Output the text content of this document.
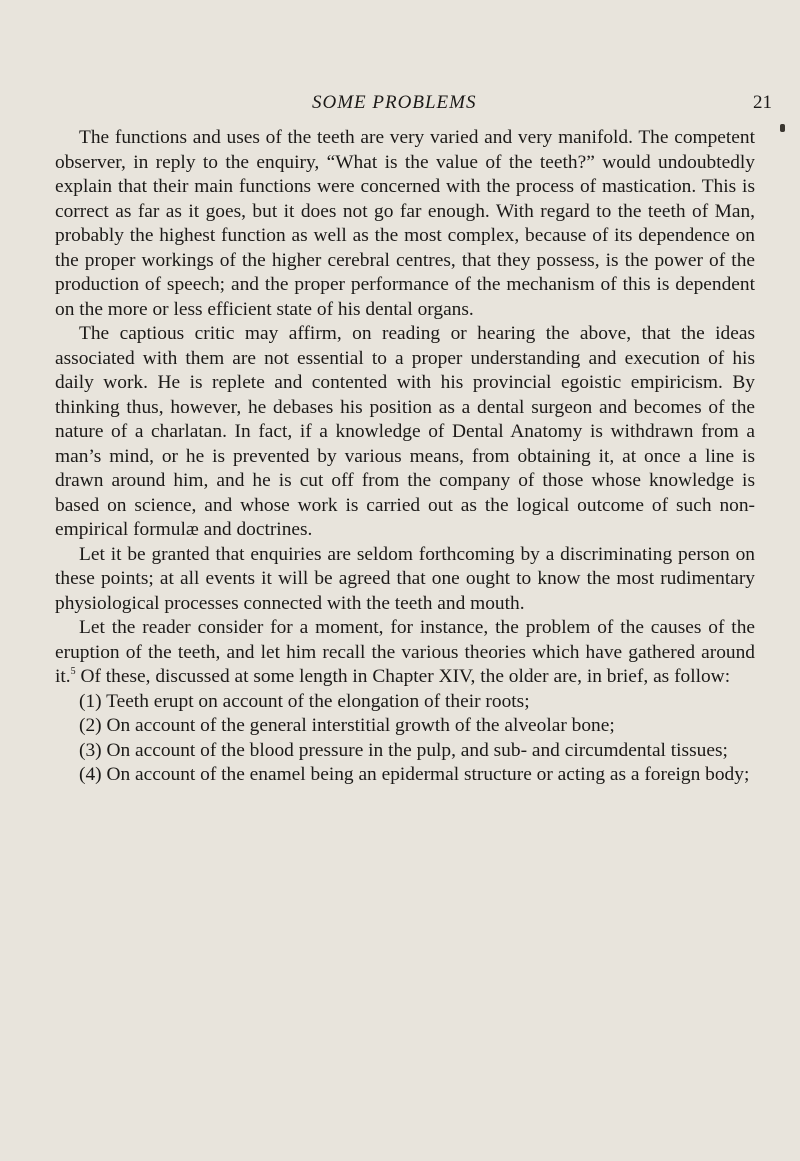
SOME PROBLEMS	21

The functions and uses of the teeth are very varied and very manifold. The competent observer, in reply to the enquiry, “What is the value of the teeth?” would undoubtedly explain that their main functions were concerned with the process of mastication. This is correct as far as it goes, but it does not go far enough. With regard to the teeth of Man, probably the highest function as well as the most complex, because of its dependence on the proper workings of the higher cerebral centres, that they possess, is the power of the production of speech; and the proper performance of the mechanism of this is dependent on the more or less efficient state of his dental organs.

The captious critic may affirm, on reading or hearing the above, that the ideas associated with them are not essential to a proper understanding and execution of his daily work. He is replete and contented with his provincial egoistic empiricism. By thinking thus, however, he debases his position as a dental surgeon and becomes of the nature of a charlatan. In fact, if a knowledge of Dental Anatomy is withdrawn from a man’s mind, or he is prevented by various means, from obtaining it, at once a line is drawn around him, and he is cut off from the company of those whose knowledge is based on science, and whose work is carried out as the logical outcome of such non-empirical formulæ and doctrines.

Let it be granted that enquiries are seldom forthcoming by a discriminating person on these points; at all events it will be agreed that one ought to know the most rudimentary physiological processes connected with the teeth and mouth.

Let the reader consider for a moment, for instance, the problem of the causes of the eruption of the teeth, and let him recall the various theories which have gathered around it.$^5$ Of these, discussed at some length in Chapter XIV, the older are, in brief, as follow:

(1) Teeth erupt on account of the elongation of their roots;

(2) On account of the general interstitial growth of the alveolar bone;

(3) On account of the blood pressure in the pulp, and sub- and circumdental tissues;

(4) On account of the enamel being an epidermal structure or acting as a foreign body;
